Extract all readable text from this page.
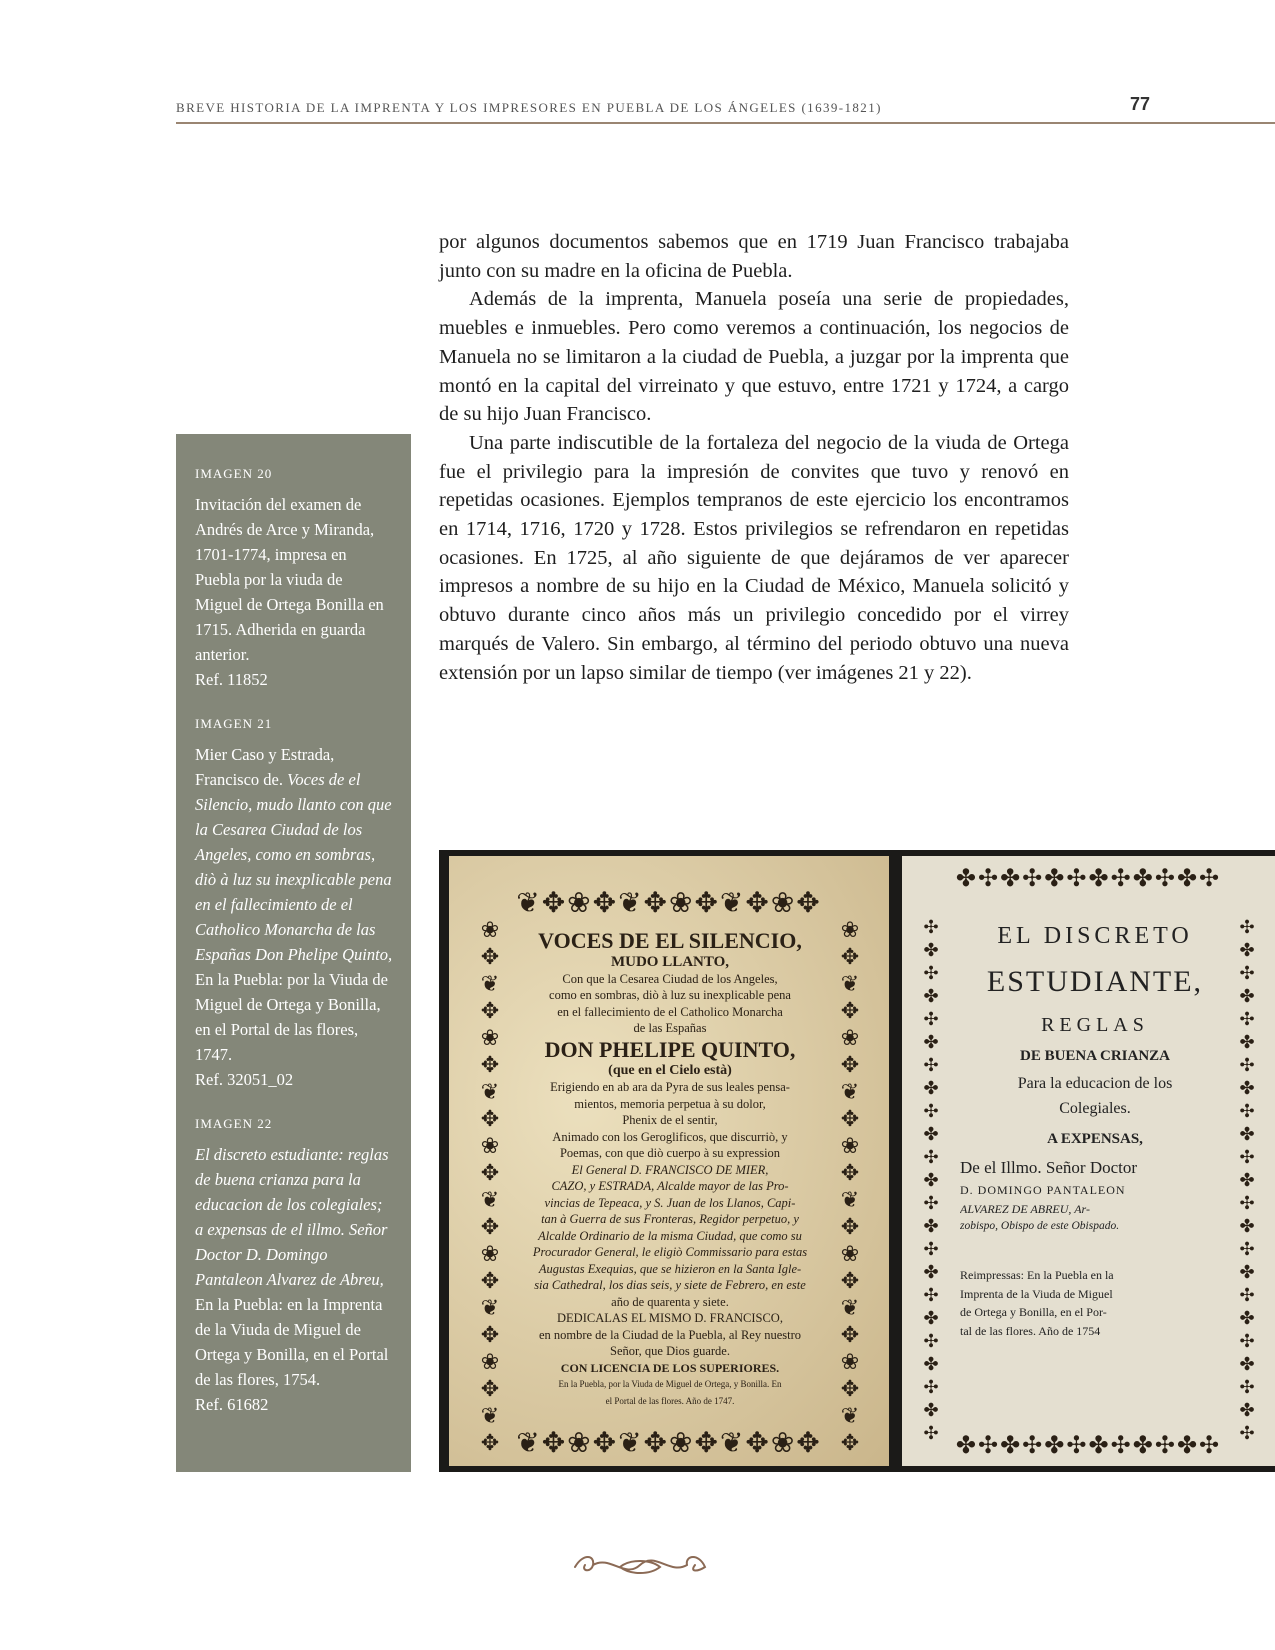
BREVE HISTORIA DE LA IMPRENTA Y LOS IMPRESORES EN PUEBLA DE LOS ÁNGELES (1639-1821)	77

por algunos documentos sabemos que en 1719 Juan Francisco trabajaba junto con su madre en la oficina de Puebla.

Además de la imprenta, Manuela poseía una serie de propiedades, muebles e inmuebles. Pero como veremos a continuación, los negocios de Manuela no se limitaron a la ciudad de Puebla, a juzgar por la imprenta que montó en la capital del virreinato y que estuvo, entre 1721 y 1724, a cargo de su hijo Juan Francisco.

Una parte indiscutible de la fortaleza del negocio de la viuda de Ortega fue el privilegio para la impresión de convites que tuvo y renovó en repetidas ocasiones. Ejemplos tempranos de este ejercicio los encontramos en 1714, 1716, 1720 y 1728. Estos privilegios se refrendaron en repetidas ocasiones. En 1725, al año siguiente de que dejáramos de ver aparecer impresos a nombre de su hijo en la Ciudad de México, Manuela solicitó y obtuvo durante cinco años más un privilegio concedido por el virrey marqués de Valero. Sin embargo, al término del periodo obtuvo una nueva extensión por un lapso similar de tiempo (ver imágenes 21 y 22).

IMAGEN 20
Invitación del examen de Andrés de Arce y Miranda, 1701-1774, impresa en Puebla por la viuda de Miguel de Ortega Bonilla en 1715. Adherida en guarda anterior.
Ref. 11852
IMAGEN 21
Mier Caso y Estrada, Francisco de. Voces de el Silencio, mudo llanto con que la Cesarea Ciudad de los Angeles, como en sombras, diò à luz su inexplicable pena en el fallecimiento de el Catholico Monarcha de las Españas Don Phelipe Quinto, En la Puebla: por la Viuda de Miguel de Ortega y Bonilla, en el Portal de las flores, 1747.
Ref. 32051_02
IMAGEN 22
El discreto estudiante: reglas de buena crianza para la educacion de los colegiales; a expensas de el illmo. Señor Doctor D. Domingo Pantaleon Alvarez de Abreu, En la Puebla: en la Imprenta de la Viuda de Miguel de Ortega y Bonilla, en el Portal de las flores, 1754.
Ref. 61682
❦✥❀✥❦✥❀✥❦✥❀✥
❀
✥
❦
✥
❀
✥
❦
✥
❀
✥
❦
✥
❀
✥
❦
✥
❀
✥
❦
✥
❀
✥
❦
✥
❀
✥
❦
✥
❀
✥
❦
✥
❀
✥
❦
✥
❀
✥
❦
✥
VOCES DE EL SILENCIO,
MUDO LLANTO,
Con que la Cesarea Ciudad de los Angeles,
como en sombras, diò à luz su inexplicable pena
en el fallecimiento de el Catholico Monarcha
de las Españas
DON PHELIPE QUINTO,
(que en el Cielo està)
Erigiendo en ab ara da Pyra de sus leales pensa-
mientos, memoria perpetua à su dolor,
Phenix de el sentir,
Animado con los Geroglificos, que discurriò, y
Poemas, con que diò cuerpo à su expression
El General D. FRANCISCO DE MIER,
CAZO, y ESTRADA, Alcalde mayor de las Pro-
vincias de Tepeaca, y S. Juan de los Llanos, Capi-
tan à Guerra de sus Fronteras, Regidor perpetuo, y
Alcalde Ordinario de la misma Ciudad, que como su
Procurador General, le eligiò Commissario para estas
Augustas Exequias, que se hizieron en la Santa Igle-
sia Cathedral, los dias seis, y siete de Febrero, en este
año de quarenta y siete.
DEDICALAS EL MISMO D. FRANCISCO,
en nombre de la Ciudad de la Puebla, al Rey nuestro
Señor, que Dios guarde.
CON LICENCIA DE LOS SUPERIORES.
En la Puebla, por la Viuda de Miguel de Ortega, y Bonilla. En
el Portal de las flores. Año de 1747.
❦✥❀✥❦✥❀✥❦✥❀✥
✤✣✤✣✤✣✤✣✤✣✤✣
✣
✤
✣
✤
✣
✤
✣
✤
✣
✤
✣
✤
✣
✤
✣
✤
✣
✤
✣
✤
✣
✤
✣
✣
✤
✣
✤
✣
✤
✣
✤
✣
✤
✣
✤
✣
✤
✣
✤
✣
✤
✣
✤
✣
✤
✣
EL DISCRETO
ESTUDIANTE,
REGLAS
DE BUENA CRIANZA
Para la educacion de los
Colegiales.
A EXPENSAS,
De el Illmo. Señor Doctor
D. DOMINGO PANTALEON
ALVAREZ DE ABREU, Ar-
zobispo, Obispo de este Obispado.
Reimpressas: En la Puebla en la
Imprenta de la Viuda de Miguel
de Ortega y Bonilla, en el Por-
tal de las flores. Año de 1754
✤✣✤✣✤✣✤✣✤✣✤✣
